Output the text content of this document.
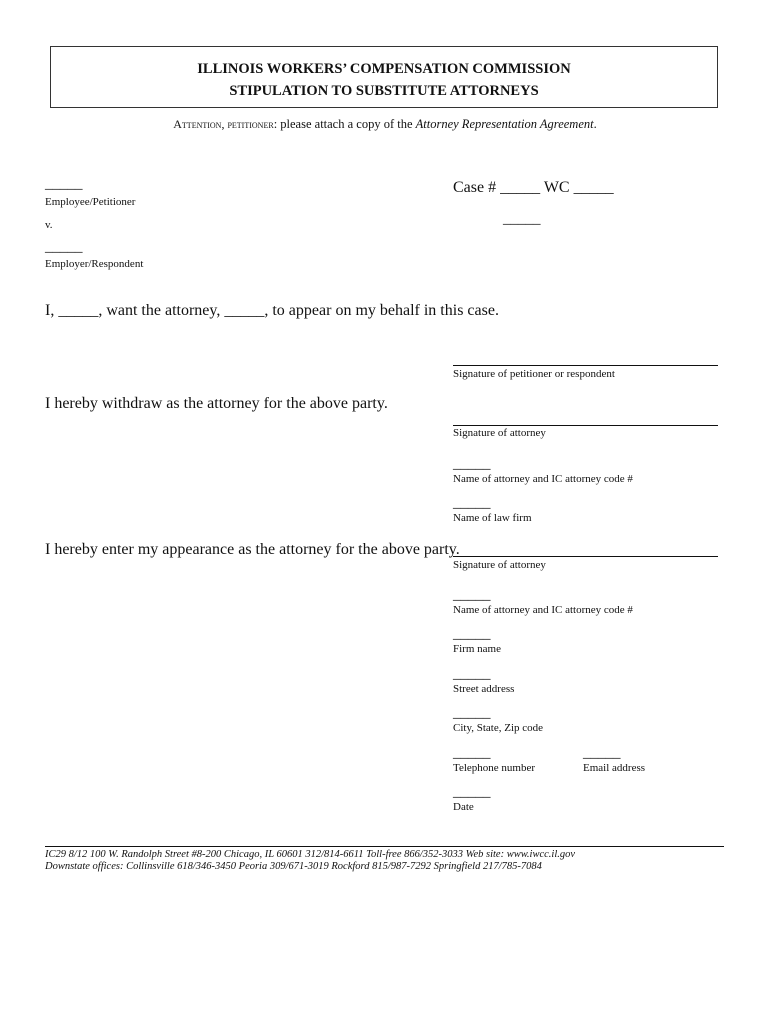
ILLINOIS WORKERS’ COMPENSATION COMMISSION
STIPULATION TO SUBSTITUTE ATTORNEYS
Attention, petitioner: please attach a copy of the Attorney Representation Agreement.
_____
Employee/Petitioner
v.
_____
Employer/Respondent
Case # _____ WC _____
_____
I, _____, want the attorney, _____, to appear on my behalf in this case.
Signature of petitioner or respondent
I hereby withdraw as the attorney for the above party.
Signature of attorney
_____
Name of attorney and IC attorney code #
_____
Name of law firm
I hereby enter my appearance as the attorney for the above party.
Signature of attorney
_____
Name of attorney and IC attorney code #
_____
Firm name
_____
Street address
_____
City, State, Zip code
_____
Telephone number
_____
Email address
_____
Date
IC29 8/12 100 W. Randolph Street #8-200 Chicago, IL 60601 312/814-6611 Toll-free 866/352-3033 Web site: www.iwcc.il.gov
Downstate offices: Collinsville 618/346-3450 Peoria 309/671-3019 Rockford 815/987-7292 Springfield 217/785-7084
